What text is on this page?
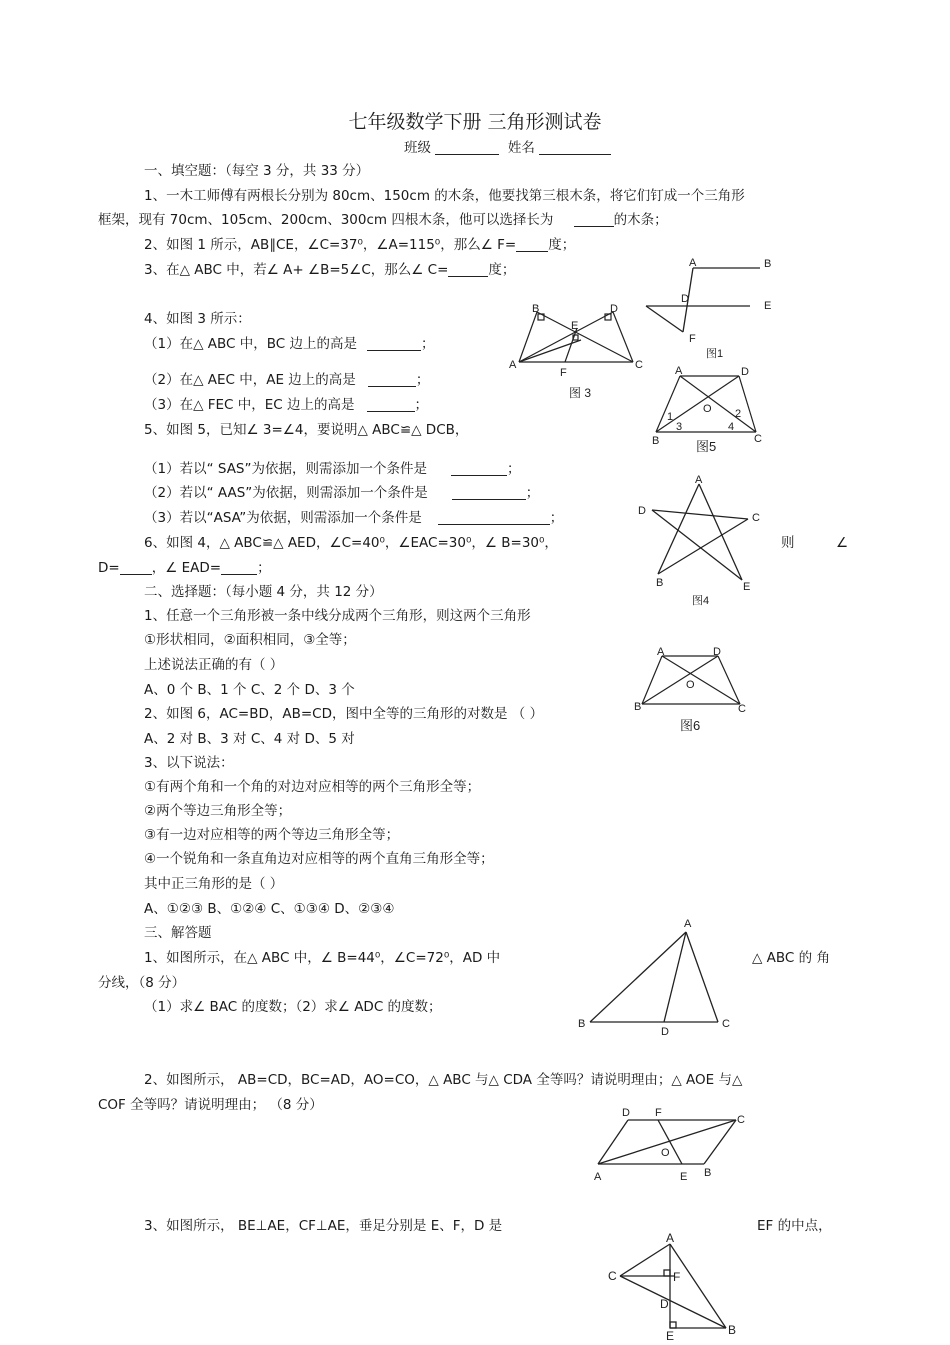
七年级数学下册 三角形测试卷
班级	姓名
一、填空题：（每空 3 分，共 33 分）
1、一木工师傅有两根长分别为 80cm、150cm 的木条，他要找第三根木条，将它们钉成一个三角形
框架，现有 70cm、105cm、200cm、300cm 四根木条，他可以选择长为	的木条；
2、如图 1 所示，AB∥CE，∠C=37⁰，∠A=115⁰，那么∠ F= 度；
3、在△ ABC 中，若∠ A+ ∠B=5∠C，那么∠ C=	度；
4、如图 3 所示：
（1）在△ ABC 中，BC 边上的高是	；
（2）在△ AEC 中，AE 边上的高是	；
（3）在△ FEC 中，EC 边上的高是	；
5、如图 5，已知∠ 3=∠4，要说明△ ABC≌△ DCB，
（1）若以“ SAS”为依据，则需添加一个条件是	；
（2）若以“ AAS”为依据，则需添加一个条件是	；
（3）若以“ASA”为依据，则需添加一个条件是	；
6、如图 4，△ ABC≌△ AED，∠C=40⁰，∠EAC=30⁰，∠ B=30⁰，	则	∠
D= ，∠ EAD=	；
二、选择题：（每小题 4 分，共 12 分）
1、任意一个三角形被一条中线分成两个三角形，则这两个三角形
①形状相同，②面积相同，③全等；
上述说法正确的有（ ）
A、0 个 B、1 个 C、2 个 D、3 个
2、如图 6，AC=BD，AB=CD，图中全等的三角形的对数是 （ ）
A、2 对 B、3 对 C、4 对 D、5 对
3、以下说法：
①有两个角和一个角的对边对应相等的两个三角形全等；
②两个等边三角形全等；
③有一边对应相等的两个等边三角形全等；
④一个锐角和一条直角边对应相等的两个直角三角形全等；
其中正三角形的是（ ）
A、①②③ B、①②④ C、①③④ D、②③④
三、解答题
1、如图所示，在△ ABC 中，∠ B=44⁰，∠C=72⁰，AD 中	△ ABC 的 角
分线，（8 分）
（1）求∠ BAC 的度数；（2）求∠ ADC 的度数；
2、如图所示， AB=CD，BC=AD，AO=CO，△ ABC 与△ CDA 全等吗？请说明理由；△ AOE 与△
COF 全等吗？请说明理由； （8 分）
3、如图所示， BE⊥AE，CF⊥AE，垂足分别是 E、F，D 是	EF 的中点，
A	B
D
E
F
图1
B	D
E
A	C
F
图 3
A	D
O
1	2
3	4
B	C
图5
A
D
C
B	E
图4
A	D
O
B	C
图6
A
B
D
C
D F
C
O
A	E B
A
C	F
D
E	B
